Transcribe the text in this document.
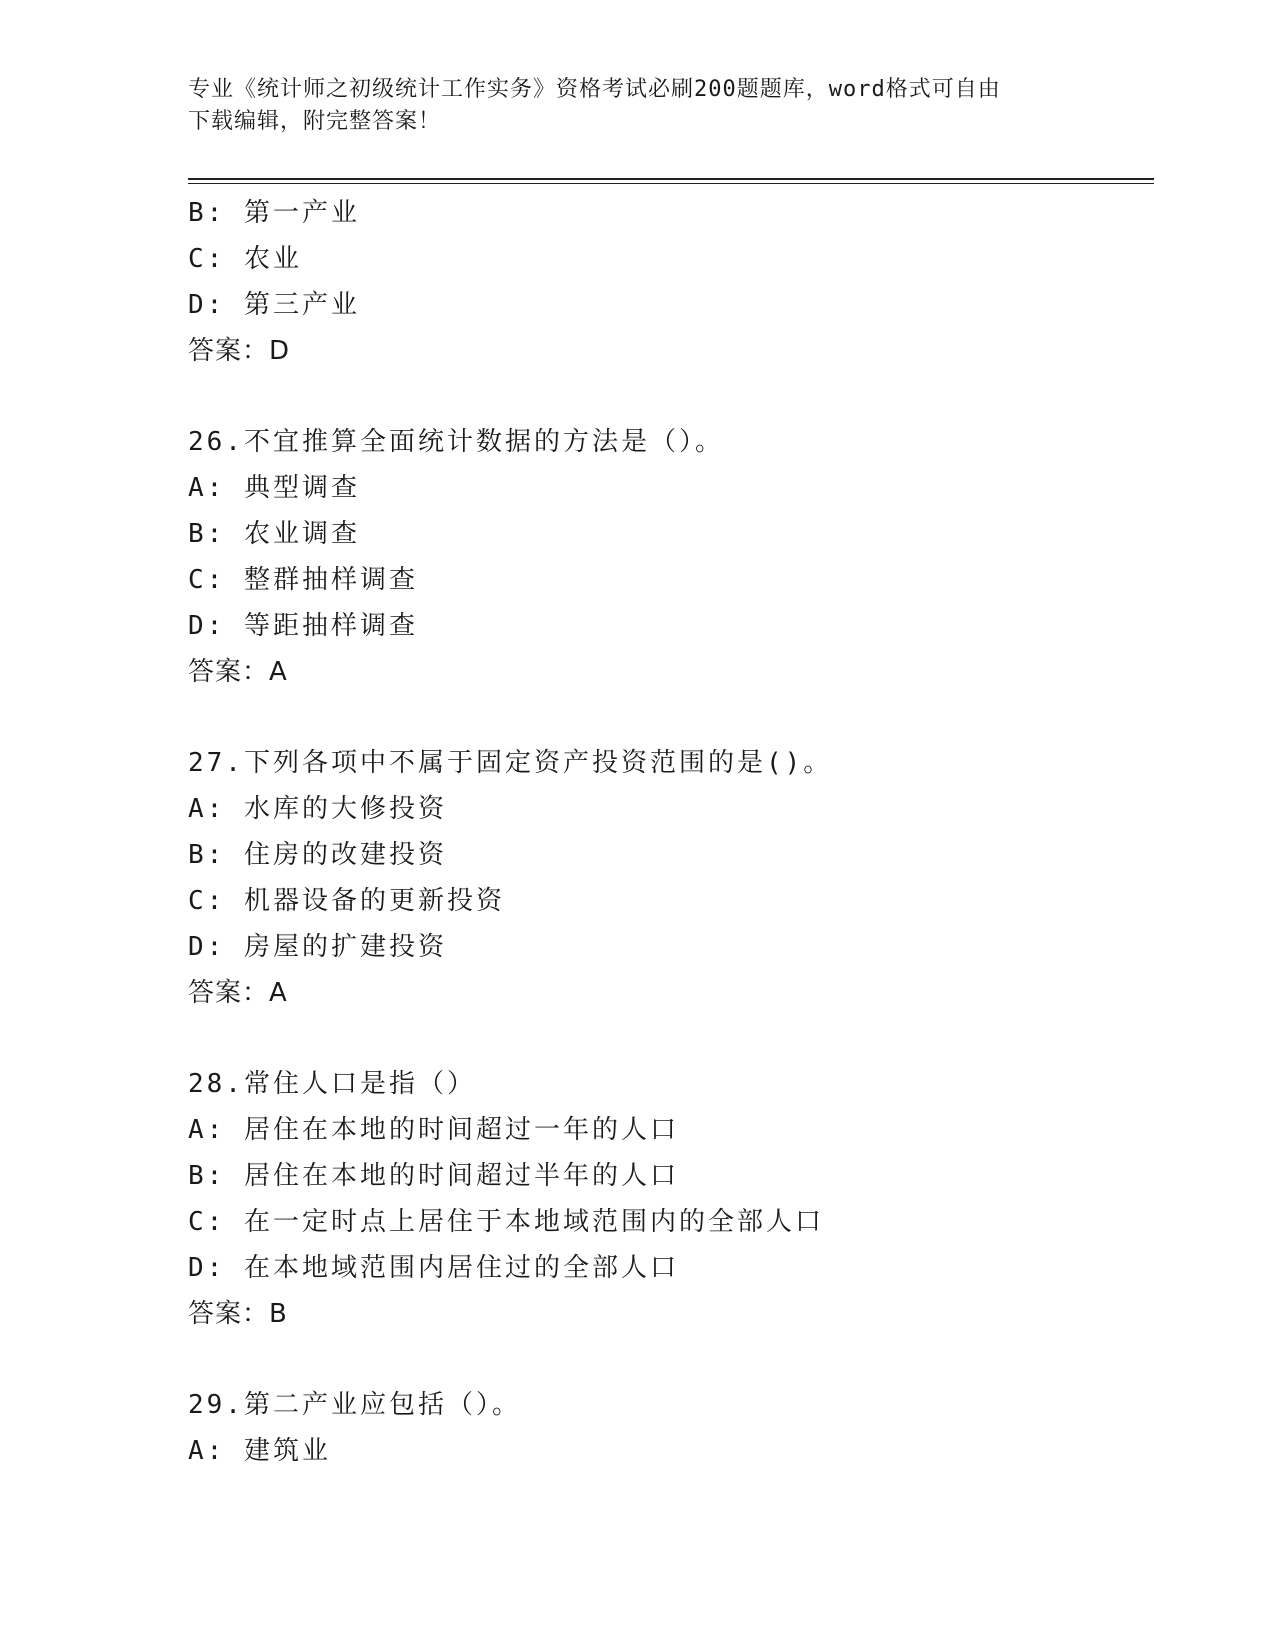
专业《统计师之初级统计工作实务》资格考试必刷200题题库，word格式可自由
下载编辑，附完整答案！
B: 第一产业
C: 农业
D: 第三产业
答案：D
26.不宜推算全面统计数据的方法是（）。
A: 典型调查
B: 农业调查
C: 整群抽样调查
D: 等距抽样调查
答案：A
27.下列各项中不属于固定资产投资范围的是()。
A: 水库的大修投资
B: 住房的改建投资
C: 机器设备的更新投资
D: 房屋的扩建投资
答案：A
28.常住人口是指（）
A: 居住在本地的时间超过一年的人口
B: 居住在本地的时间超过半年的人口
C: 在一定时点上居住于本地域范围内的全部人口
D: 在本地域范围内居住过的全部人口
答案：B
29.第二产业应包括（）。
A: 建筑业
